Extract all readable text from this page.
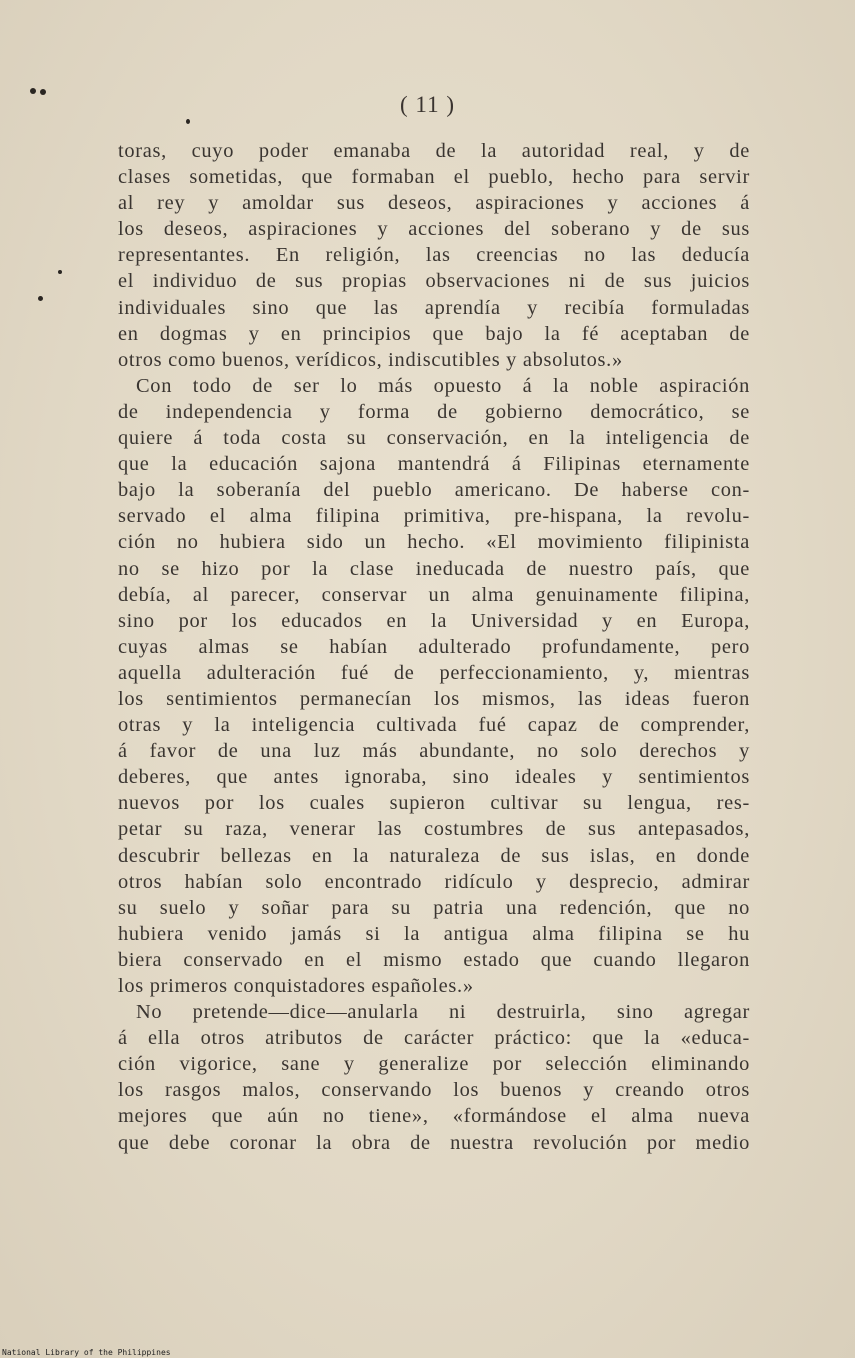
( 11 )
toras, cuyo poder emanaba de la autoridad real, y de
clases sometidas, que formaban el pueblo, hecho para servir
al rey y amoldar sus deseos, aspiraciones y acciones á
los deseos, aspiraciones y acciones del soberano y de sus
representantes. En religión, las creencias no las deducía
el individuo de sus propias observaciones ni de sus juicios
individuales sino que las aprendía y recibía formuladas
en dogmas y en principios que bajo la fé aceptaban de
otros como buenos, verídicos, indiscutibles y absolutos.»
Con todo de ser lo más opuesto á la noble aspiración
de independencia y forma de gobierno democrático, se
quiere á toda costa su conservación, en la inteligencia de
que la educación sajona mantendrá á Filipinas eternamente
bajo la soberanía del pueblo americano. De haberse con-
servado el alma filipina primitiva, pre-hispana, la revolu-
ción no hubiera sido un hecho. «El movimiento filipinista
no se hizo por la clase ineducada de nuestro país, que
debía, al parecer, conservar un alma genuinamente filipina,
sino por los educados en la Universidad y en Europa,
cuyas almas se habían adulterado profundamente, pero
aquella adulteración fué de perfeccionamiento, y, mientras
los sentimientos permanecían los mismos, las ideas fueron
otras y la inteligencia cultivada fué capaz de comprender,
á favor de una luz más abundante, no solo derechos y
deberes, que antes ignoraba, sino ideales y sentimientos
nuevos por los cuales supieron cultivar su lengua, res-
petar su raza, venerar las costumbres de sus antepasados,
descubrir bellezas en la naturaleza de sus islas, en donde
otros habían solo encontrado ridículo y desprecio, admirar
su suelo y soñar para su patria una redención, que no
hubiera venido jamás si la antigua alma filipina se hu
biera conservado en el mismo estado que cuando llegaron
los primeros conquistadores españoles.»
No pretende—dice—anularla ni destruirla, sino agregar
á ella otros atributos de carácter práctico: que la «educa-
ción vigorice, sane y generalize por selección eliminando
los rasgos malos, conservando los buenos y creando otros
mejores que aún no tiene», «formándose el alma nueva
que debe coronar la obra de nuestra revolución por medio
National Library of the Philippines
